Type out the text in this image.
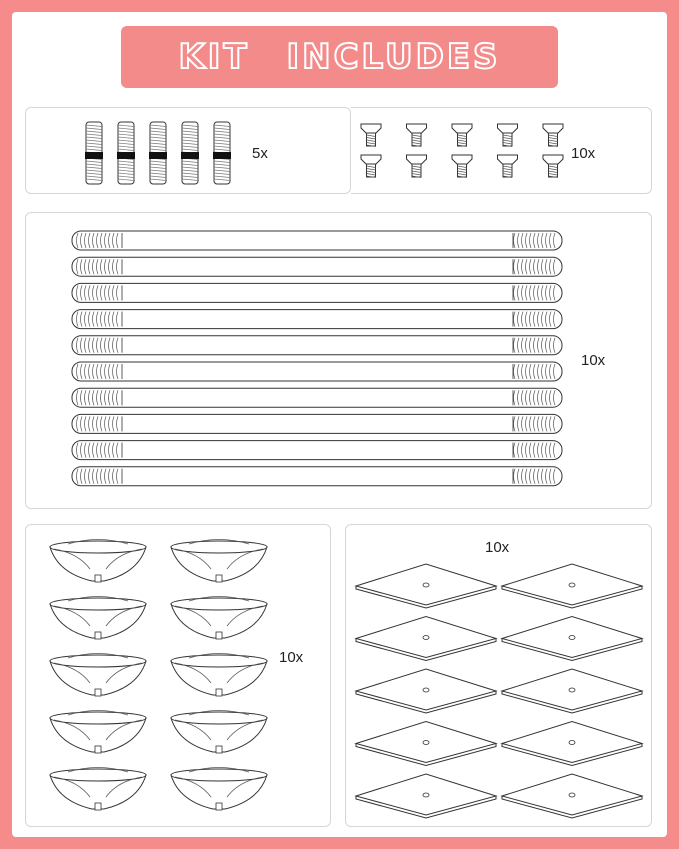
KIT INCLUDES
5x	10x
10x
10x
10x
